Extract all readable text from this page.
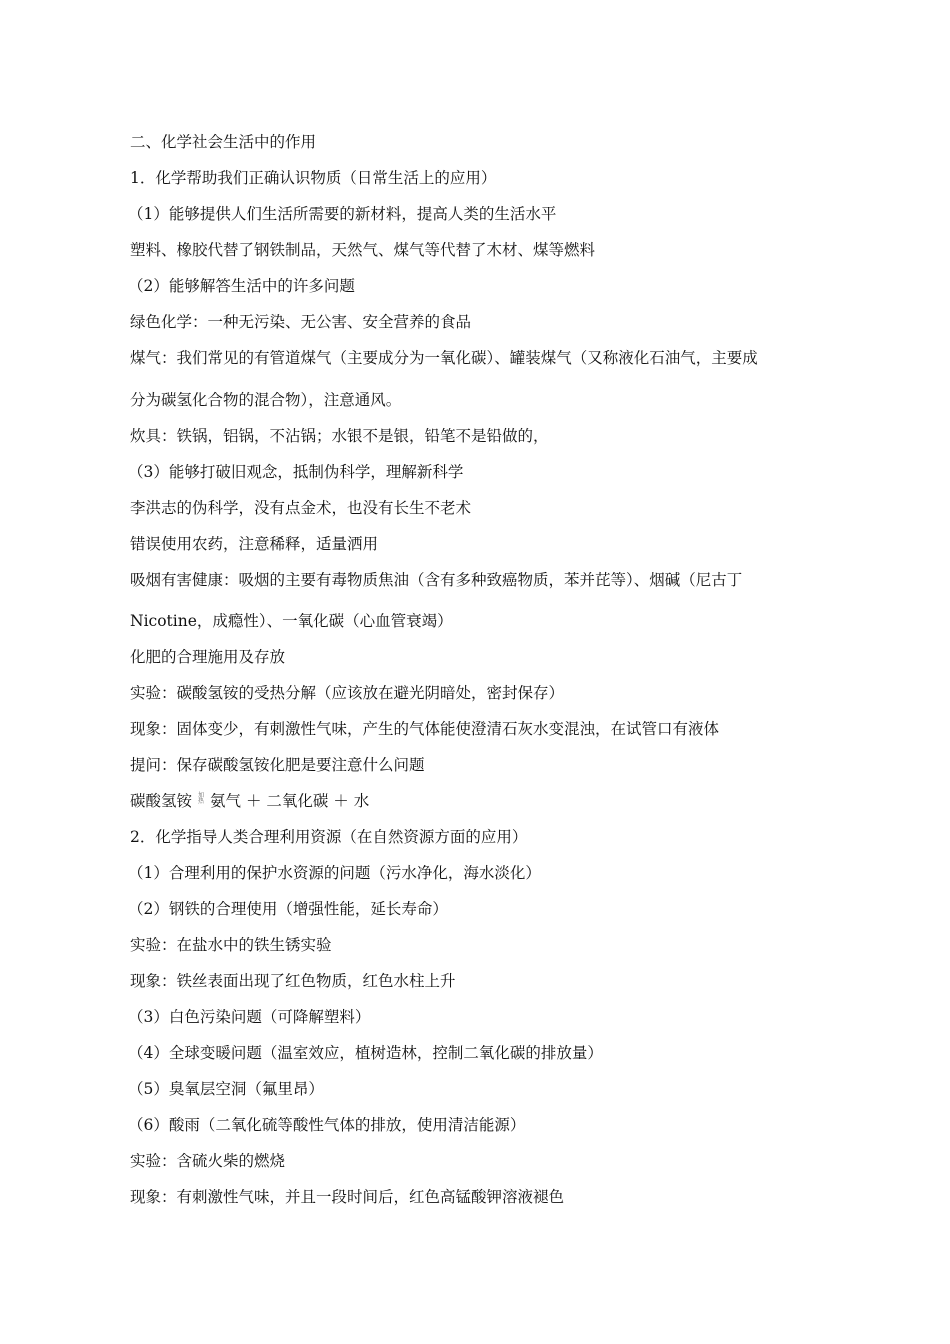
二、化学社会生活中的作用
1．化学帮助我们正确认识物质（日常生活上的应用）
（1）能够提供人们生活所需要的新材料，提高人类的生活水平
塑料、橡胶代替了钢铁制品，天然气、煤气等代替了木材、煤等燃料
（2）能够解答生活中的许多问题
绿色化学：一种无污染、无公害、安全营养的食品
煤气：我们常见的有管道煤气（主要成分为一氧化碳）、罐装煤气（又称液化石油气，主要成
分为碳氢化合物的混合物），注意通风。
炊具：铁锅，铝锅，不沾锅；水银不是银，铅笔不是铅做的，
（3）能够打破旧观念，抵制伪科学，理解新科学
李洪志的伪科学，没有点金术，也没有长生不老术
错误使用农药，注意稀释，适量洒用
吸烟有害健康：吸烟的主要有毒物质焦油（含有多种致癌物质，苯并芘等）、烟碱（尼古丁
Nicotine，成瘾性）、一氧化碳（心血管衰竭）
化肥的合理施用及存放
实验：碳酸氢铵的受热分解（应该放在避光阴暗处，密封保存）
现象：固体变少，有刺激性气味，产生的气体能使澄清石灰水变混浊，在试管口有液体
提问：保存碳酸氢铵化肥是要注意什么问题
碳酸氢铵 加
热 氨气 ＋ 二氧化碳 ＋ 水
2．化学指导人类合理利用资源（在自然资源方面的应用）
（1）合理利用的保护水资源的问题（污水净化，海水淡化）
（2）钢铁的合理使用（增强性能，延长寿命）
实验：在盐水中的铁生锈实验
现象：铁丝表面出现了红色物质，红色水柱上升
（3）白色污染问题（可降解塑料）
（4）全球变暖问题（温室效应，植树造林，控制二氧化碳的排放量）
（5）臭氧层空洞（氟里昂）
（6）酸雨（二氧化硫等酸性气体的排放，使用清洁能源）
实验：含硫火柴的燃烧
现象：有刺激性气味，并且一段时间后，红色高锰酸钾溶液褪色
